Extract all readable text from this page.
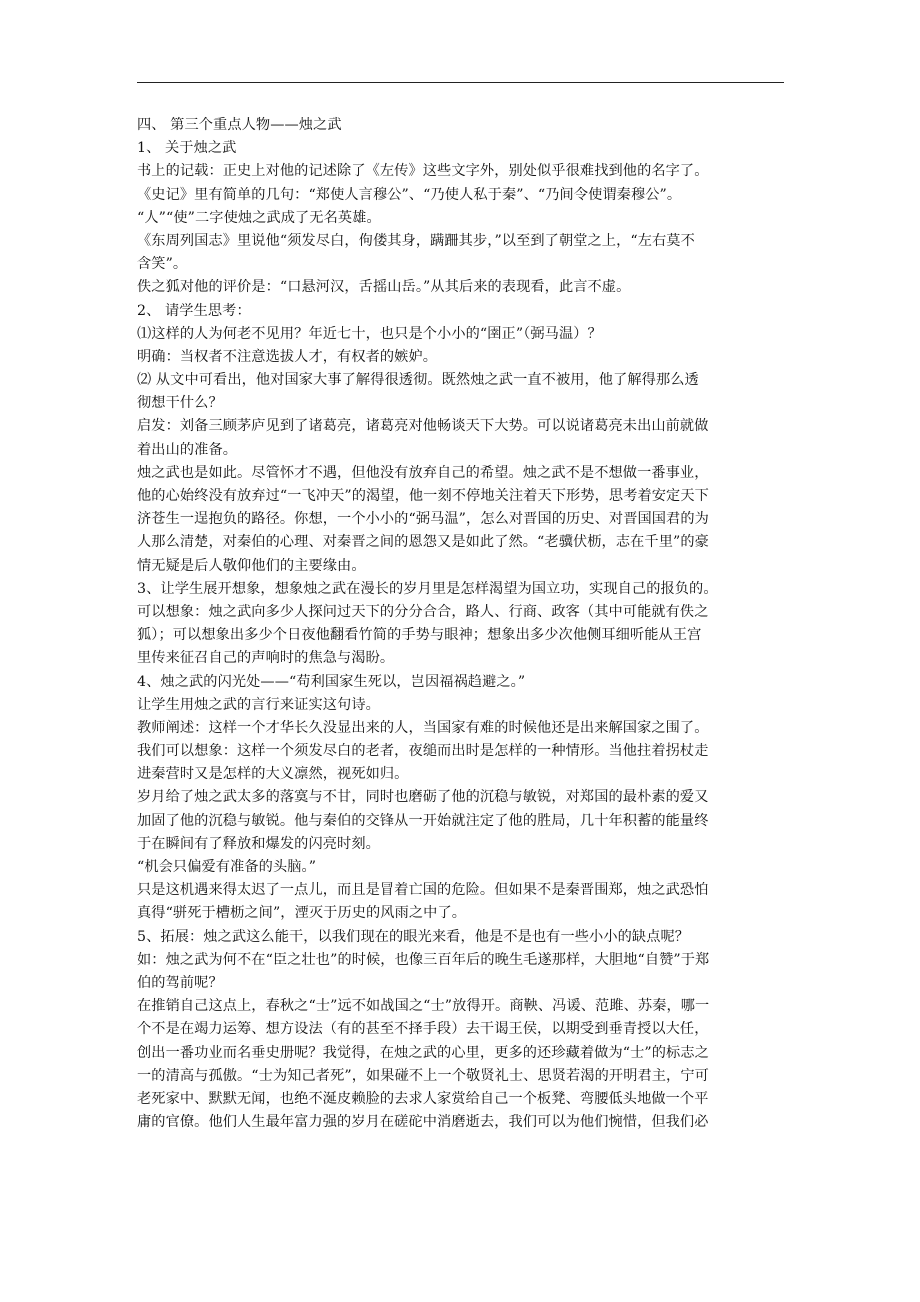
四、 第三个重点人物——烛之武
1、 关于烛之武
书上的记载：正史上对他的记述除了《左传》这些文字外，别处似乎很难找到他的名字了。
《史记》里有简单的几句：“郑使人言穆公”、“乃使人私于秦”、“乃间令使谓秦穆公”。
“人”“使”二字使烛之武成了无名英雄。
《东周列国志》里说他“须发尽白，佝偻其身，蹒跚其步，”以至到了朝堂之上，“左右莫不
含笑”。
佚之狐对他的评价是：“口悬河汉，舌摇山岳。”从其后来的表现看，此言不虚。
2、 请学生思考：
⑴这样的人为何老不见用？年近七十，也只是个小小的“圉正”（弼马温）？
明确：当权者不注意选拔人才，有权者的嫉妒。
⑵ 从文中可看出，他对国家大事了解得很透彻。既然烛之武一直不被用，他了解得那么透
彻想干什么？
启发：刘备三顾茅庐见到了诸葛亮，诸葛亮对他畅谈天下大势。可以说诸葛亮未出山前就做
着出山的准备。
烛之武也是如此。尽管怀才不遇，但他没有放弃自己的希望。烛之武不是不想做一番事业，
他的心始终没有放弃过“一飞冲天”的渴望，他一刻不停地关注着天下形势，思考着安定天下
济苍生一逞抱负的路径。你想，一个小小的“弼马温”，怎么对晋国的历史、对晋国国君的为
人那么清楚，对秦伯的心理、对秦晋之间的恩怨又是如此了然。“老骥伏枥，志在千里”的豪
情无疑是后人敬仰他们的主要缘由。
3、让学生展开想象，想象烛之武在漫长的岁月里是怎样渴望为国立功，实现自己的报负的。
可以想象：烛之武向多少人探问过天下的分分合合，路人、行商、政客（其中可能就有佚之
狐）；可以想象出多少个日夜他翻看竹简的手势与眼神；想象出多少次他侧耳细听能从王宫
里传来征召自己的声响时的焦急与渴盼。
4、烛之武的闪光处——“苟利国家生死以，岂因福祸趋避之。”
让学生用烛之武的言行来证实这句诗。
教师阐述：这样一个才华长久没显出来的人，当国家有难的时候他还是出来解国家之围了。
我们可以想象：这样一个须发尽白的老者，夜缒而出时是怎样的一种情形。当他拄着拐杖走
进秦营时又是怎样的大义凛然，视死如归。
岁月给了烛之武太多的落寞与不甘，同时也磨砺了他的沉稳与敏锐，对郑国的最朴素的爱又
加固了他的沉稳与敏锐。他与秦伯的交锋从一开始就注定了他的胜局，几十年积蓄的能量终
于在瞬间有了释放和爆发的闪亮时刻。
“机会只偏爱有准备的头脑。”
只是这机遇来得太迟了一点儿，而且是冒着亡国的危险。但如果不是秦晋围郑，烛之武恐怕
真得“骈死于槽枥之间”，湮灭于历史的风雨之中了。
5、拓展：烛之武这么能干，以我们现在的眼光来看，他是不是也有一些小小的缺点呢？
如：烛之武为何不在“臣之壮也”的时候，也像三百年后的晚生毛遂那样，大胆地“自赞”于郑
伯的驾前呢？
在推销自己这点上，春秋之“士”远不如战国之“士”放得开。商鞅、冯谖、范雎、苏秦，哪一
个不是在竭力运筹、想方设法（有的甚至不择手段）去干谒王侯，以期受到垂青授以大任，
创出一番功业而名垂史册呢？我觉得，在烛之武的心里，更多的还珍藏着做为“士”的标志之
一的清高与孤傲。“士为知己者死”，如果碰不上一个敬贤礼士、思贤若渴的开明君主，宁可
老死家中、默默无闻，也绝不涎皮赖脸的去求人家赏给自己一个板凳、弯腰低头地做一个平
庸的官僚。他们人生最年富力强的岁月在磋砣中消磨逝去，我们可以为他们惋惜，但我们必
